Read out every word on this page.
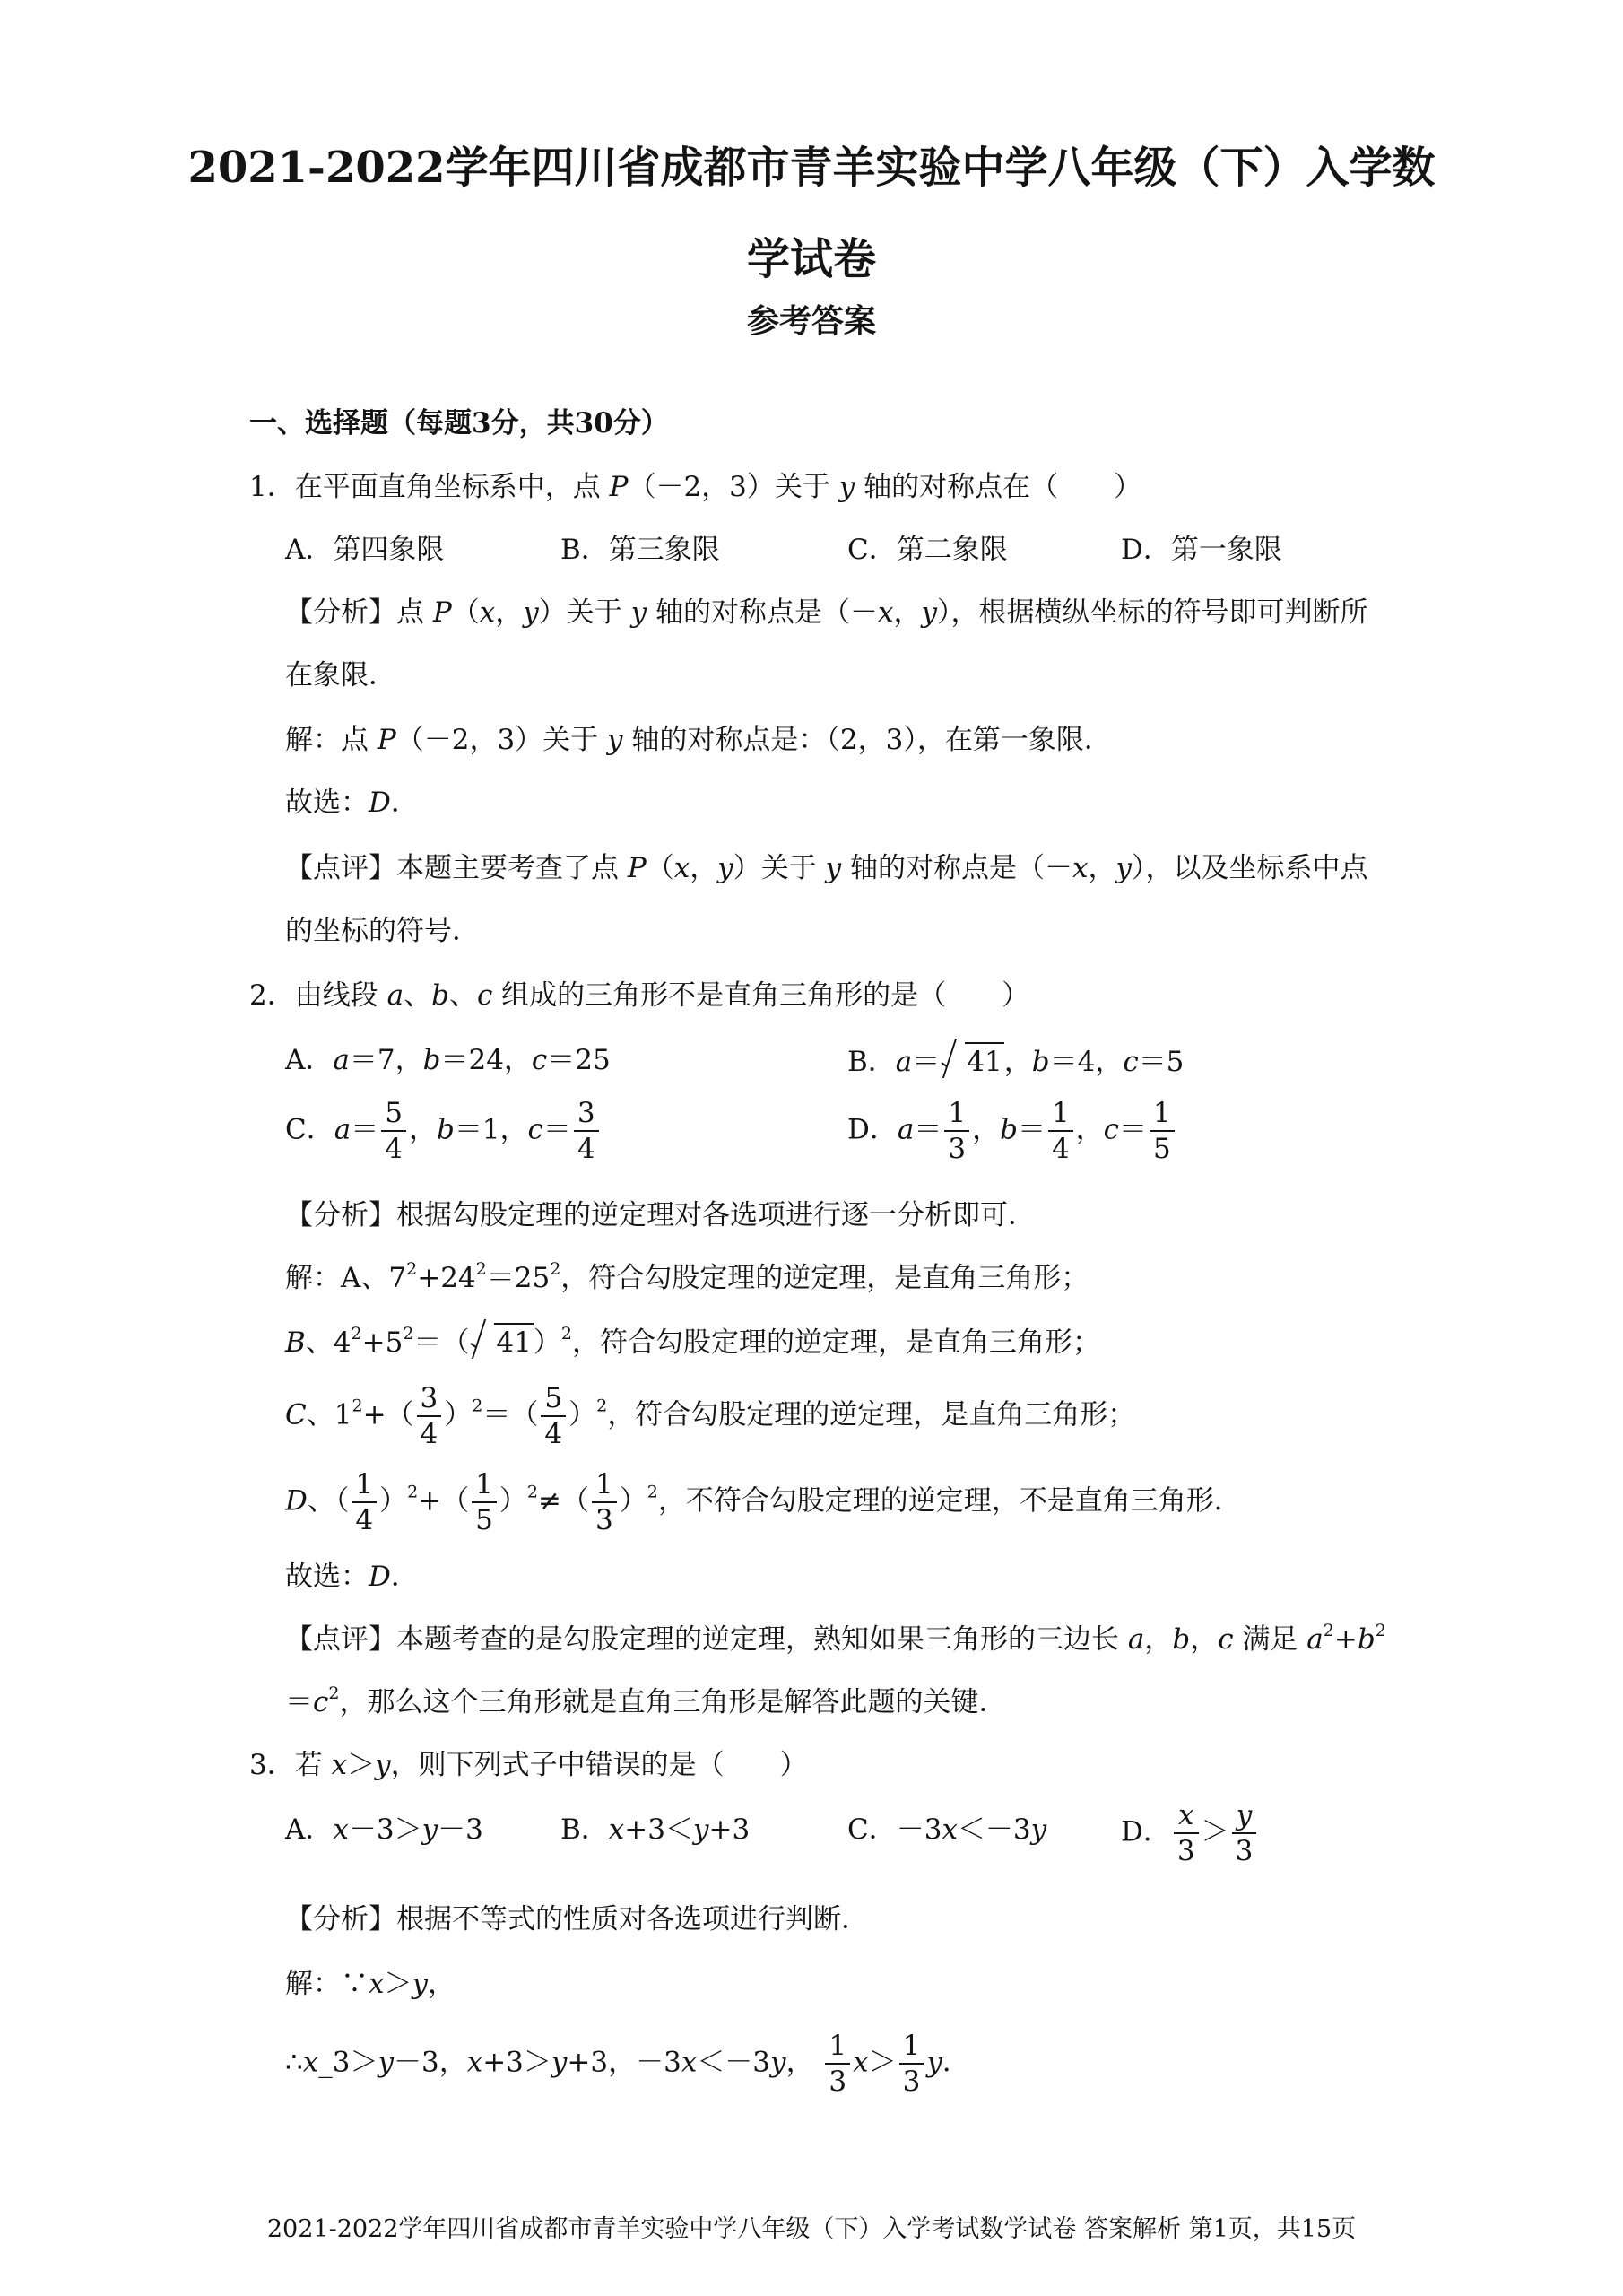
2021-2022学年四川省成都市青羊实验中学八年级（下）入学数
学试卷
参考答案
一、选择题（每题3分，共30分）
1．在平面直角坐标系中，点 P（－2，3）关于 y 轴的对称点在（　　）
A．第四象限	B．第三象限	C．第二象限	D．第一象限
【分析】点 P（x，y）关于 y 轴的对称点是（－x，y），根据横纵坐标的符号即可判断所
在象限．
解：点 P（－2，3）关于 y 轴的对称点是：（2，3），在第一象限．
故选：D．
【点评】本题主要考查了点 P（x，y）关于 y 轴的对称点是（－x，y），以及坐标系中点
的坐标的符号．
2．由线段 a、b、c 组成的三角形不是直角三角形的是（　　）
A．a＝7，b＝24，c＝25	B．a＝ 41，b＝4，c＝5
C．$a= \frac{5}{4}$ ，b＝1，$c= \frac{3}{4}$	D．$a= \frac{1}{3}$ ，$b= \frac{1}{4}$ ，$c= \frac{1}{5}$
【分析】根据勾股定理的逆定理对各选项进行逐一分析即可．
解：A、$7^2+24^2=25^2$，符合勾股定理的逆定理，是直角三角形；
B、$4^2+5^2=$（ 41）$^2$，符合勾股定理的逆定理，是直角三角形；
C、$1^2+( \frac{3}{4} )^2=( \frac{5}{4} )^2$，符合勾股定理的逆定理，是直角三角形；
D、（ $\frac{1}{4} )^2+( \frac{1}{5} )^2\ne( \frac{1}{3} )^2$，不符合勾股定理的逆定理，不是直角三角形．
故选：D．
【点评】本题考查的是勾股定理的逆定理，熟知如果三角形的三边长 a，b，c 满足 $a^2+b^2$
$=c^2$，那么这个三角形就是直角三角形是解答此题的关键．
3．若 x＞y，则下列式子中错误的是（　　）
A．x－3＞y－3	B．x+3＜y+3	C．－3x＜－3y	D． $\frac{x}{3} > \frac{y}{3}$
【分析】根据不等式的性质对各选项进行判断．
解：∵x＞y，
∴x_3＞y－3，x+3＞y+3，－3x＜－3y， $\frac{1}{3} x> \frac{1}{3}$ y．
2021-2022学年四川省成都市青羊实验中学八年级（下）入学考试数学试卷 答案解析 第1页，共15页
